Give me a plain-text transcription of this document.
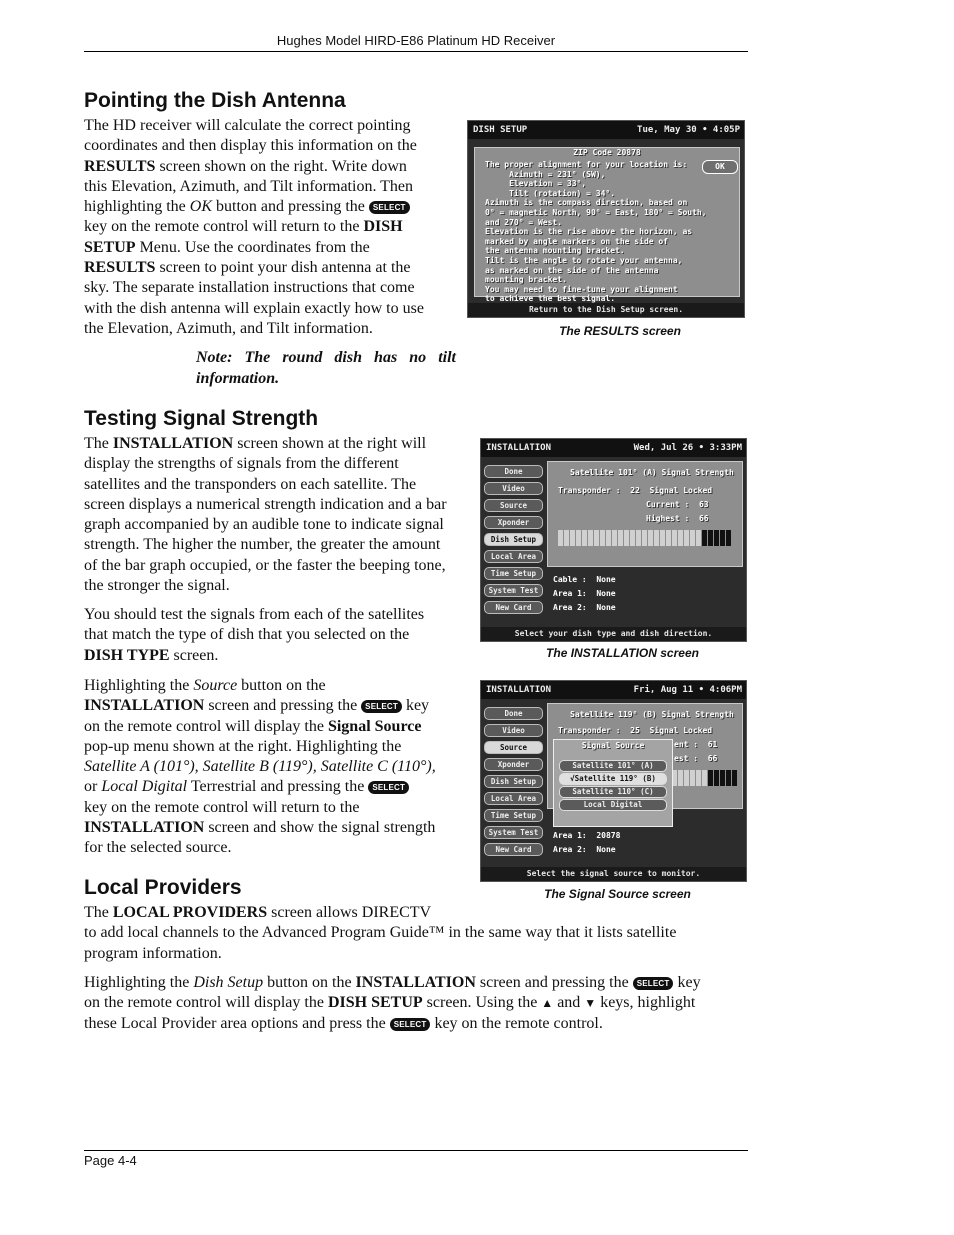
Hughes Model HIRD-E86 Platinum HD Receiver
Pointing the Dish Antenna
The HD receiver will calculate the correct pointing
coordinates and then display this information on the
RESULTS screen shown on the right. Write down
this Elevation, Azimuth, and Tilt information. Then
highlighting the OK button and pressing the SELECT
key on the remote control will return to the DISH
SETUP Menu. Use the coordinates from the
RESULTS screen to point your dish antenna at the
sky. The separate installation instructions that come
with the dish antenna will explain exactly how to use
the Elevation, Azimuth, and Tilt information.
Note: The round dish has no tilt information.
DISH SETUP	Tue, May 30 • 4:05P
ZIP Code 20878
OK
The proper alignment for your location is:
Azimuth = 231° (SW),
Elevation = 33°,
Tilt (rotation) = 34°.
Azimuth is the compass direction, based on
0° = magnetic North, 90° = East, 180° = South,
and 270° = West.
Elevation is the rise above the horizon, as
marked by angle markers on the side of
the antenna mounting bracket.
Tilt is the angle to rotate your antenna,
as marked on the side of the antenna
mounting bracket.
You may need to fine-tune your alignment
to achieve the best signal.
Return to the Dish Setup screen.
The RESULTS screen
Testing Signal Strength
The INSTALLATION screen shown at the right will
display the strengths of signals from the different
satellites and the transponders on each satellite. The
screen displays a numerical strength indication and a bar
graph accompanied by an audible tone to indicate signal
strength. The higher the number, the greater the amount
of the bar graph occupied, or the faster the beeping tone,
the stronger the signal.
You should test the signals from each of the satellites
that match the type of dish that you selected on the
DISH TYPE screen.
Highlighting the Source button on the
INSTALLATION screen and pressing the SELECT key
on the remote control will display the Signal Source
pop-up menu shown at the right. Highlighting the
Satellite A (101°), Satellite B (119°), Satellite C (110°),
or Local Digital Terrestrial and pressing the SELECT
key on the remote control will return to the
INSTALLATION screen and show the signal strength
for the selected source.
INSTALLATION	Wed, Jul 26 • 3:33PM
Done
Video
Source
Xponder
Dish Setup
Local Area
Time Setup
System Test
New Card
Satellite 101° (A) Signal Strength
Transponder :  22  Signal Locked
Current :  63
Highest :  66
Cable :  None
Area 1:  None
Area 2:  None
Select your dish type and dish direction.
The INSTALLATION screen
INSTALLATION	Fri, Aug 11 • 4:06PM
Done
Video
Source
Xponder
Dish Setup
Local Area
Time Setup
System Test
New Card
Satellite 119° (B) Signal Strength
Transponder :  25  Signal Locked
ent :  61
est :  66
Signal Source
Satellite 101° (A)
√Satellite 119° (B)
Satellite 110° (C)
Local Digital
Area 1:  20878
Area 2:  None
Select the signal source to monitor.
The Signal Source screen
Local Providers
The LOCAL PROVIDERS screen allows DIRECTV
to add local channels to the Advanced Program Guide™ in the same way that it lists satellite
program information.
Highlighting the Dish Setup button on the INSTALLATION screen and pressing the SELECT key
on the remote control will display the DISH SETUP screen. Using the ▲ and ▼ keys, highlight
these Local Provider area options and press the SELECT key on the remote control.
Page 4-4
